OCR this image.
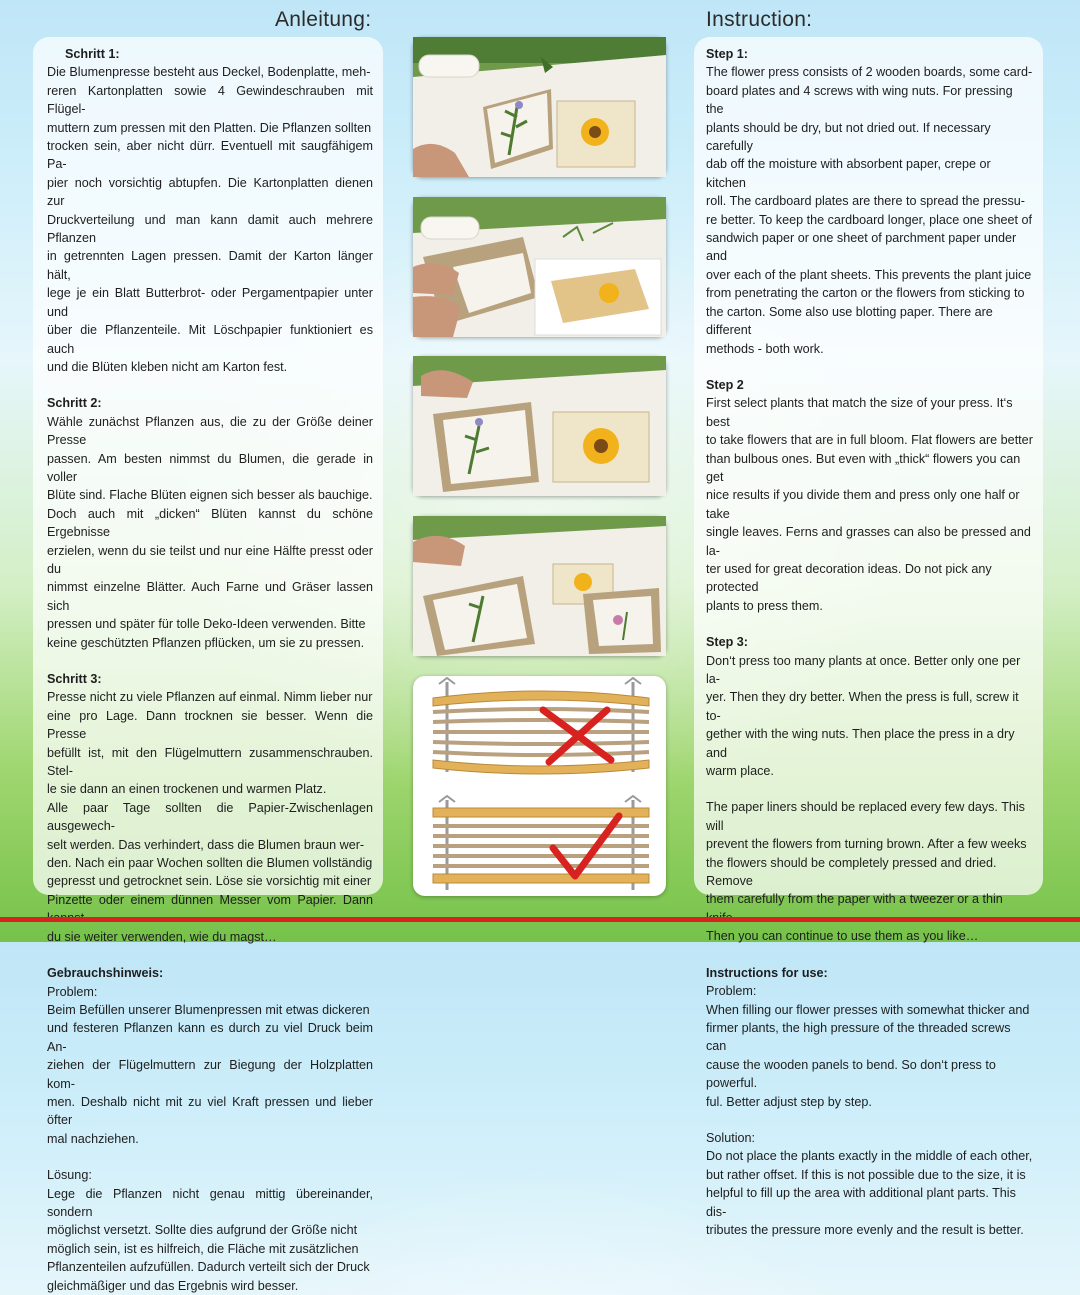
Anleitung:	Instruction:

Schritt 1:

Die Blumenpresse besteht aus Deckel, Bodenplatte, meh-

reren Kartonplatten sowie 4 Gewindeschrauben mit Flügel-

muttern zum pressen mit den Platten. Die Pflanzen sollten

trocken sein, aber nicht dürr. Eventuell mit saugfähigem Pa-

pier noch vorsichtig abtupfen. Die Kartonplatten dienen zur

Druckverteilung und man kann damit auch mehrere Pflanzen

in getrennten Lagen pressen. Damit der Karton länger hält,

lege je ein Blatt Butterbrot- oder Pergamentpapier unter und

über die Pflanzenteile. Mit Löschpapier funktioniert es auch

und die Blüten kleben nicht am Karton fest.

Schritt 2:

Wähle zunächst Pflanzen aus, die zu der Größe deiner Presse

passen. Am besten nimmst du Blumen, die gerade in voller

Blüte sind. Flache Blüten eignen sich besser als bauchige.

Doch auch mit „dicken“ Blüten kannst du schöne Ergebnisse

erzielen, wenn du sie teilst und nur eine Hälfte presst oder du

nimmst einzelne Blätter. Auch Farne und Gräser lassen sich

pressen und später für tolle Deko-Ideen verwenden. Bitte

keine geschützten Pflanzen pflücken, um sie zu pressen.

Schritt 3:

Presse nicht zu viele Pflanzen auf einmal. Nimm lieber nur

eine pro Lage. Dann trocknen sie besser. Wenn die Presse

befüllt ist, mit den Flügelmuttern zusammenschrauben. Stel-

le sie dann an einen trockenen und warmen Platz.

Alle paar Tage sollten die Papier-Zwischenlagen ausgewech-

selt werden. Das verhindert, dass die Blumen braun wer-

den. Nach ein paar Wochen sollten die Blumen vollständig

gepresst und getrocknet sein. Löse sie vorsichtig mit einer

Pinzette oder einem dünnen Messer vom Papier. Dann

du sie weiter verwenden, wie du magst…

Gebrauchshinweis:

Problem:

Beim Befüllen unserer Blumenpressen mit etwas dickeren

und festeren Pflanzen kann es durch zu viel Druck beim An-

ziehen der Flügelmuttern zur Biegung der Holzplatten kom-

men. Deshalb nicht mit zu viel Kraft pressen und lieber öfter

mal nachziehen.

Lösung:

Lege die Pflanzen nicht genau mittig übereinander, sondern

möglichst versetzt. Sollte dies aufgrund der Größe nicht

möglich sein, ist es hilfreich, die Fläche mit zusätzlichen

Pflanzenteilen aufzufüllen. Dadurch verteilt sich der Druck

gleichmäßiger und das Ergebnis wird besser.

Step 1:

The flower press consists of 2 wooden boards, some card-

board plates and 4 screws with wing nuts. For pressing the

plants should be dry, but not dried out. If necessary carefully

dab off the moisture with absorbent paper, crepe or kitchen

roll. The cardboard plates are there to spread the pressu-

re better. To keep the cardboard longer, place one sheet of

sandwich paper or one sheet of parchment paper under and

over each of the plant sheets. This prevents the plant juice

from penetrating the carton or the flowers from sticking to

the carton. Some also use blotting paper. There are different

methods - both work.

Step 2

First select plants that match the size of your press. It‘s best

to take flowers that are in full bloom. Flat flowers are better

than bulbous ones. But even with „thick“ flowers you can get

nice results if you divide them and press only one half or take

single leaves. Ferns and grasses can also be pressed and la-

ter used for great decoration ideas. Do not pick any protected

plants to press them.

Step 3:

Don‘t press too many plants at once. Better only one per la-

yer. Then they dry better. When the press is full, screw it to-

gether with the wing nuts. Then place the press in a dry and

warm place.

The paper liners should be replaced every few days. This will

prevent the flowers from turning brown. After a few weeks

the flowers should be completely pressed and dried. Remove

them carefully from the paper with a tweezer or a thin

Then you can continue to use them as you like…

Instructions for use:

Problem:

When filling our flower presses with somewhat thicker and

firmer plants, the high pressure of the threaded screws can

cause the wooden panels to bend. So don‘t press to powerful.

ful. Better adjust step by step.

Solution:

Do not place the plants exactly in the middle of each other,

but rather offset. If this is not possible due to the size, it is

helpful to fill up the area with additional plant parts. This dis-

tributes the pressure more evenly and the result is better.
